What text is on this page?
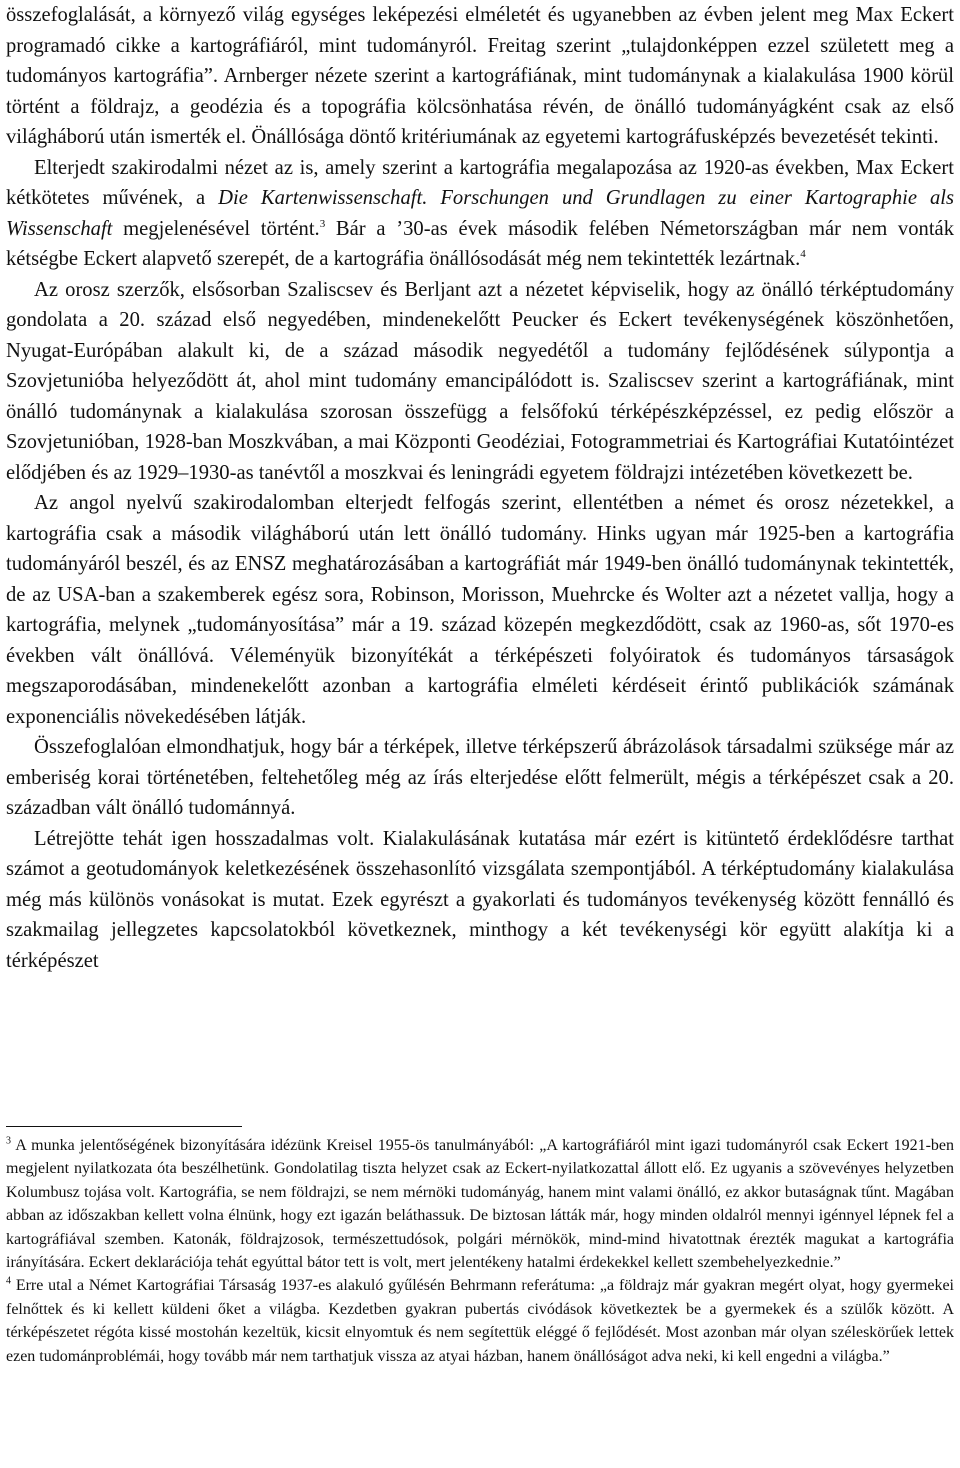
összefoglalását, a környező világ egységes leképezési elméletét és ugyanebben az évben jelent meg Max Eckert programadó cikke a kartográfiáról, mint tudományról. Freitag szerint „tulajdonképpen ezzel született meg a tudományos kartográfia”. Arnberger nézete szerint a kartográfiának, mint tudománynak a kialakulása 1900 körül történt a földrajz, a geodézia és a topográfia kölcsönhatása révén, de önálló tudományágként csak az első világháború után ismerték el. Önállósága döntő kritériumának az egyetemi kartográfusképzés bevezetését tekinti.

Elterjedt szakirodalmi nézet az is, amely szerint a kartográfia megalapozása az 1920-as években, Max Eckert kétkötetes művének, a Die Kartenwissenschaft. Forschungen und Grundlagen zu einer Kartographie als Wissenschaft megjelenésével történt.$^3$ Bár a ’30-as évek második felében Németországban már nem vonták kétségbe Eckert alapvető szerepét, de a kartográfia önállósodását még nem tekintették lezártnak.$^4$

Az orosz szerzők, elsősorban Szaliscsev és Berljant azt a nézetet képviselik, hogy az önálló térképtudomány gondolata a 20. század első negyedében, mindenekelőtt Peucker és Eckert tevékenységének köszönhetően, Nyugat-Európában alakult ki, de a század második negyedétől a tudomány fejlődésének súlypontja a Szovjetunióba helyeződött át, ahol mint tudomány emancipálódott is. Szaliscsev szerint a kartográfiának, mint önálló tudománynak a kialakulása szorosan összefügg a felsőfokú térképészképzéssel, ez pedig először a Szovjetunióban, 1928-ban Moszkvában, a mai Központi Geodéziai, Fotogrammetriai és Kartográfiai Kutatóintézet elődjében és az 1929–1930-as tanévtől a moszkvai és leningrádi egyetem földrajzi intézetében következett be.

Az angol nyelvű szakirodalomban elterjedt felfogás szerint, ellentétben a német és orosz nézetekkel, a kartográfia csak a második világháború után lett önálló tudomány. Hinks ugyan már 1925-ben a kartográfia tudományáról beszél, és az ENSZ meghatározásában a kartográfiát már 1949-ben önálló tudománynak tekintették, de az USA-ban a szakemberek egész sora, Robinson, Morisson, Muehrcke és Wolter azt a nézetet vallja, hogy a kartográfia, melynek „tudományosítása” már a 19. század közepén megkezdődött, csak az 1960-as, sőt 1970-es években vált önállóvá. Véleményük bizonyítékát a térképészeti folyóiratok és tudományos társaságok megszaporodásában, mindenekelőtt azonban a kartográfia elméleti kérdéseit érintő publikációk számának exponenciális növekedésében látják.

Összefoglalóan elmondhatjuk, hogy bár a térképek, illetve térképszerű ábrázolások társadalmi szüksége már az emberiség korai történetében, feltehetőleg még az írás elterjedése előtt felmerült, mégis a térképészet csak a 20. században vált önálló tudománnyá.

Létrejötte tehát igen hosszadalmas volt. Kialakulásának kutatása már ezért is kitüntető érdeklődésre tarthat számot a geotudományok keletkezésének összehasonlító vizsgálata szempontjából. A térképtudomány kialakulása még más különös vonásokat is mutat. Ezek egyrészt a gyakorlati és tudományos tevékenység között fennálló és szakmailag jellegzetes kapcsolatokból következnek, minthogy a két tevékenységi kör együtt alakítja ki a térképészet

$^3$ A munka jelentőségének bizonyítására idézünk Kreisel 1955-ös tanulmányából: „A kartográfiáról mint igazi tudományról csak Eckert 1921-ben megjelent nyilatkozata óta beszélhetünk. Gondolatilag tiszta helyzet csak az Eckert-nyilatkozattal állott elő. Ez ugyanis a szövevényes helyzetben Kolumbusz tojása volt. Kartográfia, se nem földrajzi, se nem mérnöki tudományág, hanem mint valami önálló, ez akkor butaságnak tűnt. Magában abban az időszakban kellett volna élnünk, hogy ezt igazán beláthassuk. De biztosan látták már, hogy minden oldalról mennyi igénnyel lépnek fel a kartográfiával szemben. Katonák, földrajzosok, természettudósok, polgári mérnökök, mind-mind hivatottnak érezték magukat a kartográfia irányítására. Eckert deklarációja tehát egyúttal bátor tett is volt, mert jelentékeny hatalmi érdekekkel kellett szembehelyezkednie.”

$^4$ Erre utal a Német Kartográfiai Társaság 1937-es alakuló gyűlésén Behrmann referátuma: „a földrajz már gyakran megért olyat, hogy gyermekei felnőttek és ki kellett küldeni őket a világba. Kezdetben gyakran pubertás civódások következtek be a gyermekek és a szülők között. A térképészetet régóta kissé mostohán kezeltük, kicsit elnyomtuk és nem segítettük eléggé ő fejlődését. Most azonban már olyan széleskörűek lettek ezen tudománproblémái, hogy tovább már nem tarthatjuk vissza az atyai házban, hanem önállóságot adva neki, ki kell engedni a világba.”
